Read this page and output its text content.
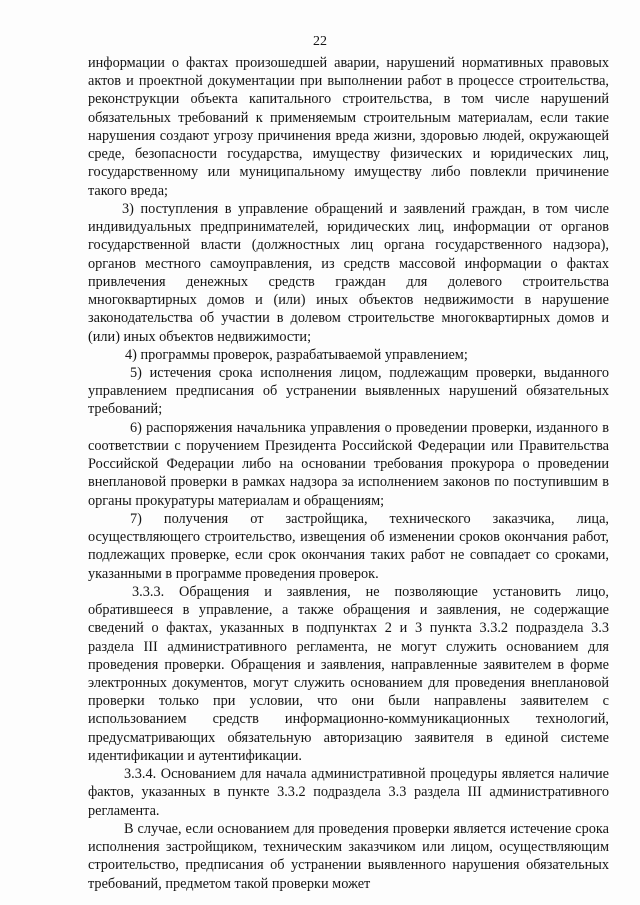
22

информации о фактах произошедшей аварии, нарушений нормативных правовых актов и проектной документации при выполнении работ в процессе строительства, реконструкции объекта капитального строительства, в том числе нарушений обязательных требований к применяемым строительным материалам, если такие нарушения создают угрозу причинения вреда жизни, здоровью людей, окружающей среде, безопасности государства, имуществу физических и юридических лиц, государственному или муниципальному имуществу либо повлекли причинение такого вреда;

3) поступления в управление обращений и заявлений граждан, в том числе индивидуальных предпринимателей, юридических лиц, информации от органов государственной власти (должностных лиц органа государственного надзора), органов местного самоуправления, из средств массовой информации о фактах привлечения денежных средств граждан для долевого строительства многоквартирных домов и (или) иных объектов недвижимости в нарушение законодательства об участии в долевом строительстве многоквартирных домов и (или) иных объектов недвижимости;

4) программы проверок, разрабатываемой управлением;

5) истечения срока исполнения лицом, подлежащим проверки, выданного управлением предписания об устранении выявленных нарушений обязательных требований;

6) распоряжения начальника управления о проведении проверки, изданного в соответствии с поручением Президента Российской Федерации или Правительства Российской Федерации либо на основании требования прокурора о проведении внеплановой проверки в рамках надзора за исполнением законов по поступившим в органы прокуратуры материалам и обращениям;

7) получения от застройщика, технического заказчика, лица, осуществляющего строительство, извещения об изменении сроков окончания работ, подлежащих проверке, если срок окончания таких работ не совпадает со сроками, указанными в программе проведения проверок.

3.3.3. Обращения и заявления, не позволяющие установить лицо, обратившееся в управление, а также обращения и заявления, не содержащие сведений о фактах, указанных в подпунктах 2 и 3 пункта 3.3.2 подраздела 3.3 раздела III административного регламента, не могут служить основанием для проведения проверки. Обращения и заявления, направленные заявителем в форме электронных документов, могут служить основанием для проведения внеплановой проверки только при условии, что они были направлены заявителем с использованием средств информационно-коммуникационных технологий, предусматривающих обязательную авторизацию заявителя в единой системе идентификации и аутентификации.

3.3.4. Основанием для начала административной процедуры является наличие фактов, указанных в пункте 3.3.2 подраздела 3.3 раздела III административного регламента.

В случае, если основанием для проведения проверки является истечение срока исполнения застройщиком, техническим заказчиком или лицом, осуществляющим строительство, предписания об устранении выявленного нарушения обязательных требований, предметом такой проверки может
